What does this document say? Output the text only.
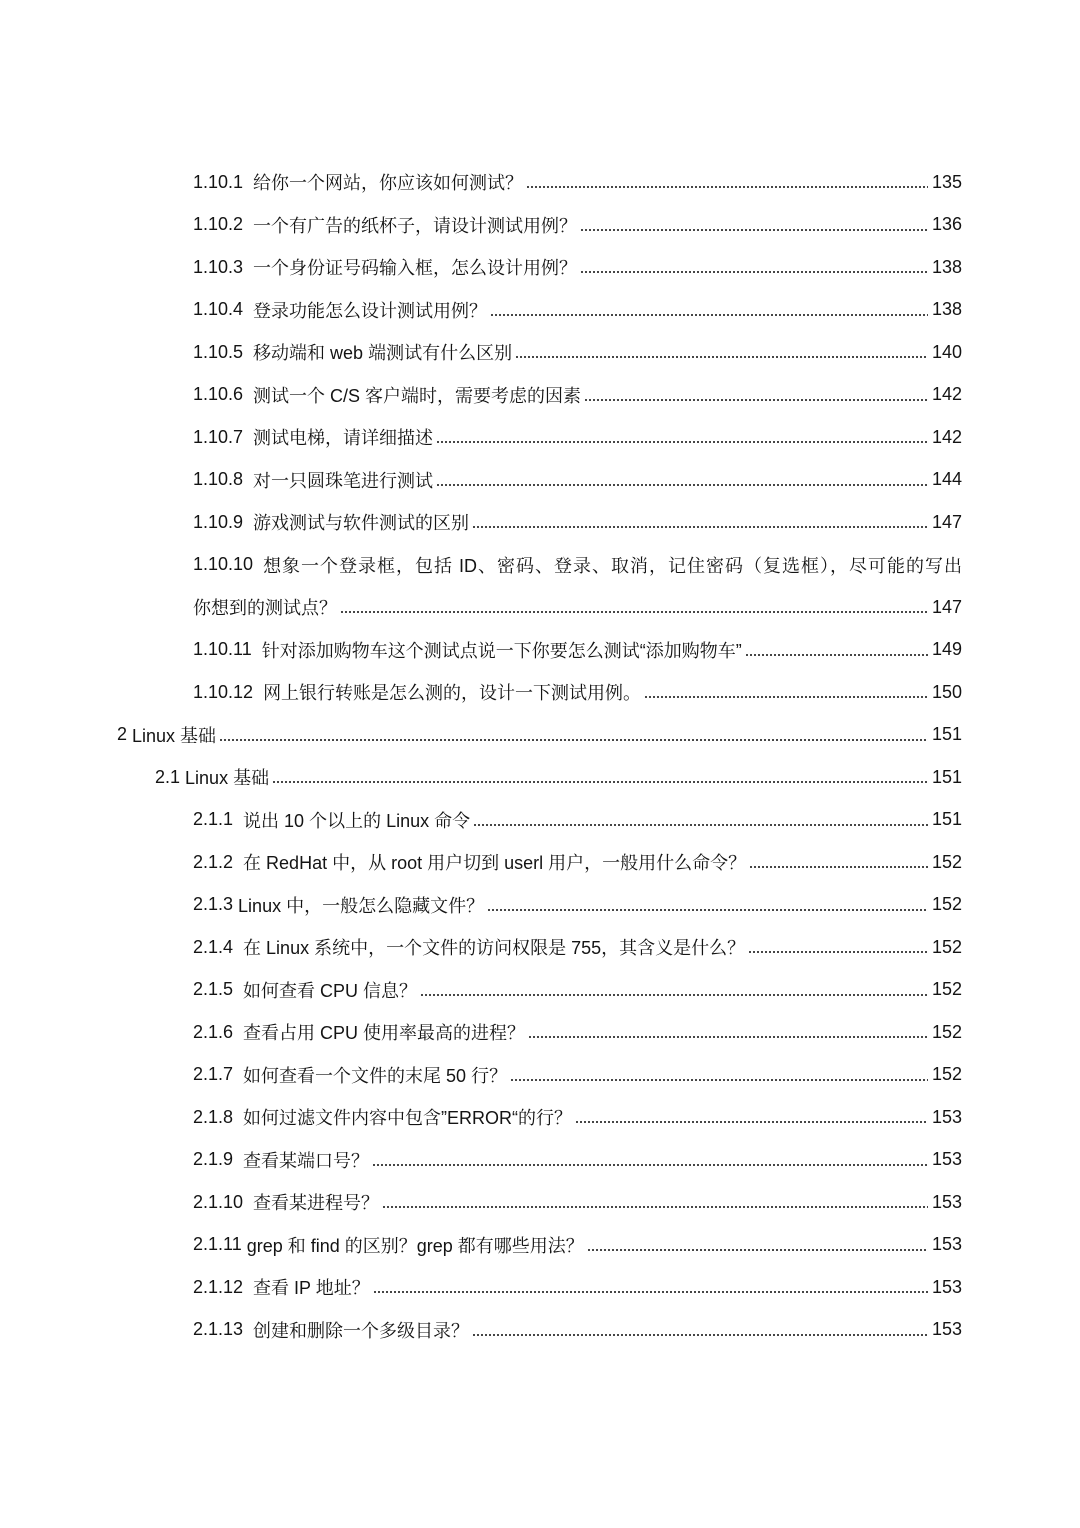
1.10.1 给你一个网站，你应该如何测试？	135
1.10.2 一个有广告的纸杯子，请设计测试用例？	136
1.10.3 一个身份证号码输入框，怎么设计用例？	138
1.10.4 登录功能怎么设计测试用例？	138
1.10.5 移动端和 web 端测试有什么区别	140
1.10.6 测试一个 C/S 客户端时，需要考虑的因素	142
1.10.7 测试电梯，请详细描述	142
1.10.8 对一只圆珠笔进行测试	144
1.10.9 游戏测试与软件测试的区别	147
1.10.10 想象一个登录框，包括 ID、密码、登录、取消，记住密码（复选框），尽可能的写出
你想到的测试点？	147
1.10.11 针对添加购物车这个测试点说一下你要怎么测试“添加购物车”	149
1.10.12 网上银行转账是怎么测的，设计一下测试用例。	150
2 Linux 基础	151
2.1 Linux 基础	151
2.1.1 说出 10 个以上的 Linux 命令	151
2.1.2 在 RedHat 中，从 root 用户切到 userl 用户，一般用什么命令？	152
2.1.3 Linux 中，一般怎么隐藏文件？	152
2.1.4 在 Linux 系统中，一个文件的访问权限是 755，其含义是什么？	152
2.1.5 如何查看 CPU 信息？	152
2.1.6 查看占用 CPU 使用率最高的进程？	152
2.1.7 如何查看一个文件的末尾 50 行？	152
2.1.8 如何过滤文件内容中包含”ERROR“的行？	153
2.1.9 查看某端口号？	153
2.1.10 查看某进程号？	153
2.1.11 grep 和 find 的区别？grep 都有哪些用法？	153
2.1.12 查看 IP 地址？	153
2.1.13 创建和删除一个多级目录？	153
